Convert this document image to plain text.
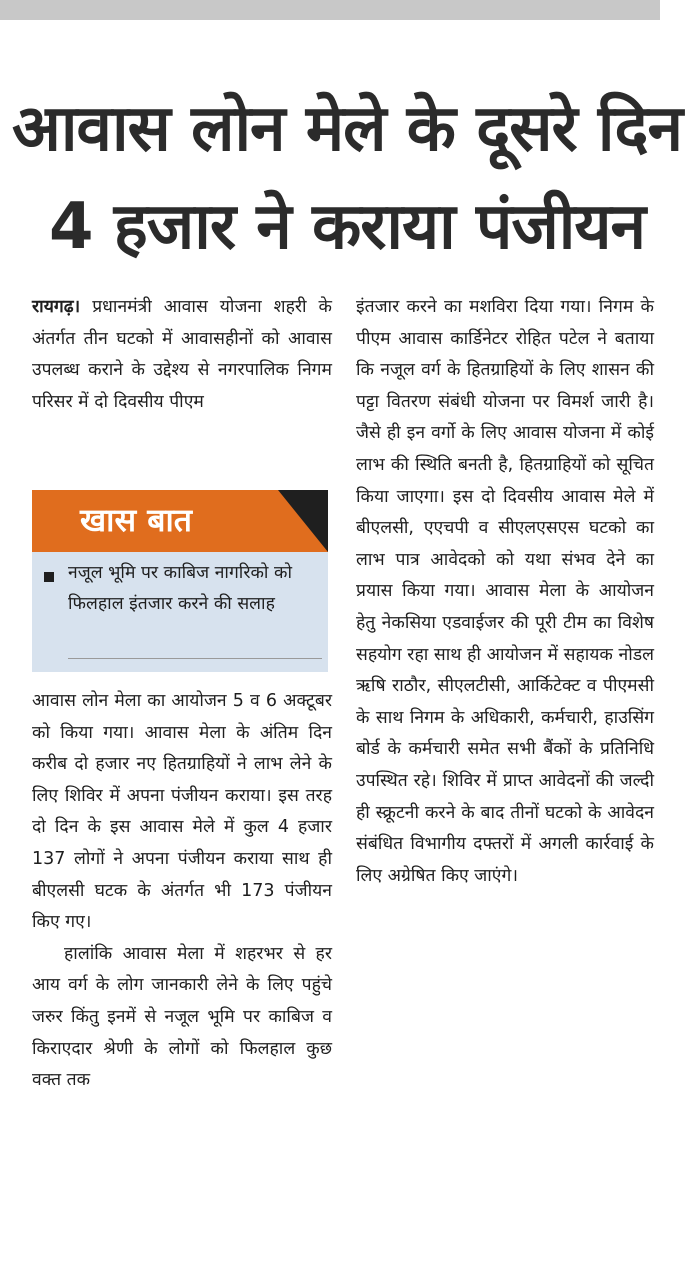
आवास लोन मेले के दूसरे दिन
4 हजार ने कराया पंजीयन

रायगढ़। प्रधानमंत्री आवास योजना शहरी के अंतर्गत तीन घटको में आवासहीनों को आवास उपलब्ध कराने के उद्देश्य से नगरपालिक निगम परिसर में दो दिवसीय पीएम

खास बात
नजूल भूमि पर काबिज नागरिको को फिलहाल इंतजार करने की सलाह

आवास लोन मेला का आयोजन 5 व 6 अक्टूबर को किया गया। आवास मेला के अंतिम दिन करीब दो हजार नए हितग्राहियों ने लाभ लेने के लिए शिविर में अपना पंजीयन कराया। इस तरह दो दिन के इस आवास मेले में कुल 4 हजार 137 लोगों ने अपना पंजीयन कराया साथ ही बीएलसी घटक के अंतर्गत भी 173 पंजीयन किए गए।

हालांकि आवास मेला में शहरभर से हर आय वर्ग के लोग जानकारी लेने के लिए पहुंचे जरुर किंतु इनमें से नजूल भूमि पर काबिज व किराएदार श्रेणी के लोगों को फिलहाल कुछ वक्त तक

इंतजार करने का मशविरा दिया गया। निगम के पीएम आवास कार्डिनेटर रोहित पटेल ने बताया कि नजूल वर्ग के हितग्राहियों के लिए शासन की पट्टा वितरण संबंधी योजना पर विमर्श जारी है। जैसे ही इन वर्गो के लिए आवास योजना में कोई लाभ की स्थिति बनती है, हितग्राहियों को सूचित किया जाएगा। इस दो दिवसीय आवास मेले में बीएलसी, एएचपी व सीएलएसएस घटको का लाभ पात्र आवेदको को यथा संभव देने का प्रयास किया गया। आवास मेला के आयोजन हेतु नेकसिया एडवाईजर की पूरी टीम का विशेष सहयोग रहा साथ ही आयोजन में सहायक नोडल ऋषि राठौर, सीएलटीसी, आर्किटेक्ट व पीएमसी के साथ निगम के अधिकारी, कर्मचारी, हाउसिंग बोर्ड के कर्मचारी समेत सभी बैंकों के प्रतिनिधि उपस्थित रहे। शिविर में प्राप्त आवेदनों की जल्दी ही स्क्रूटनी करने के बाद तीनों घटको के आवेदन संबंधित विभागीय दफ्तरों में अगली कार्रवाई के लिए अग्रेषित किए जाएंगे।
